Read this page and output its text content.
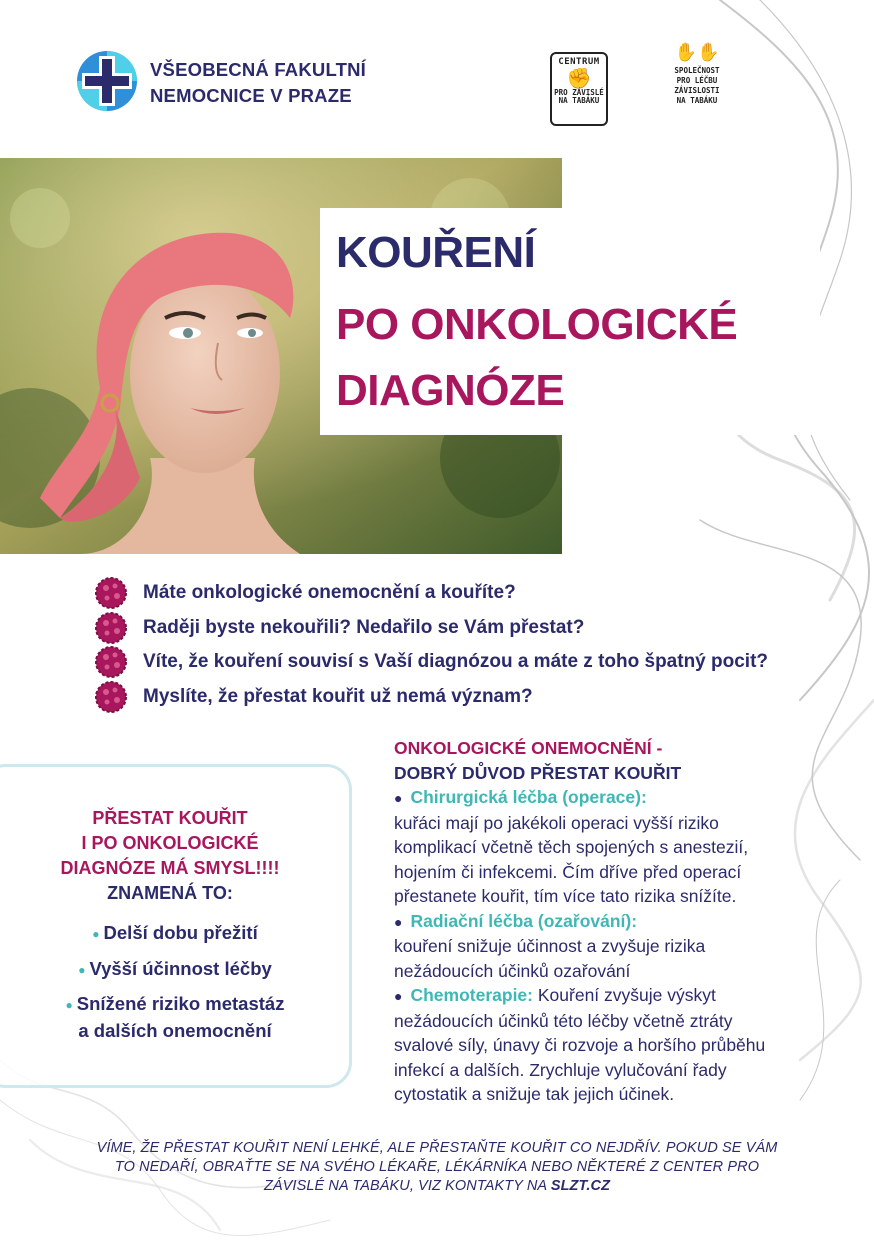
VŠEOBECNÁ FAKULTNÍ
NEMOCNICE V PRAZE
CENTRUM
✊
PRO ZÁVISLÉ
NA TABÁKU
✋✋
SPOLEČNOST
PRO LÉČBU
ZÁVISLOSTI
NA TABÁKU
KOUŘENÍ
PO ONKOLOGICKÉ
DIAGNÓZE
Máte onkologické onemocnění a kouříte?
Raději byste nekouřili? Nedařilo se Vám přestat?
Víte, že kouření souvisí s Vaší diagnózou a máte z toho špatný pocit?
Myslíte, že přestat kouřit už nemá význam?
PŘESTAT KOUŘIT
I PO ONKOLOGICKÉ
DIAGNÓZE MÁ SMYSL!!!!
ZNAMENÁ TO:
● Delší dobu přežití
● Vyšší účinnost léčby
● Snížené riziko metastáz
a dalších onemocnění
ONKOLOGICKÉ ONEMOCNĚNÍ -
DOBRÝ DŮVOD PŘESTAT KOUŘIT
● Chirurgická léčba (operace):
kuřáci mají po jakékoli operaci vyšší riziko
komplikací včetně těch spojených s anestezií,
hojením či infekcemi. Čím dříve před operací
přestanete kouřit, tím více tato rizika snížíte.
● Radiační léčba (ozařování):
kouření snižuje účinnost a zvyšuje rizika
nežádoucích účinků ozařování
● Chemoterapie: Kouření zvyšuje výskyt
nežádoucích účinků této léčby včetně ztráty
svalové síly, únavy či rozvoje a horšího průběhu
infekcí a dalších. Zrychluje vylučování řady
cytostatik a snižuje tak jejich účinek.
VÍME, ŽE PŘESTAT KOUŘIT NENÍ LEHKÉ, ALE PŘESTAŇTE KOUŘIT CO NEJDŘÍV. POKUD SE VÁM
TO NEDAŘÍ, OBRAŤTE SE NA SVÉHO LÉKAŘE, LÉKÁRNÍKA NEBO NĚKTERÉ Z CENTER PRO
ZÁVISLÉ NA TABÁKU, VIZ KONTAKTY NA SLZT.CZ
